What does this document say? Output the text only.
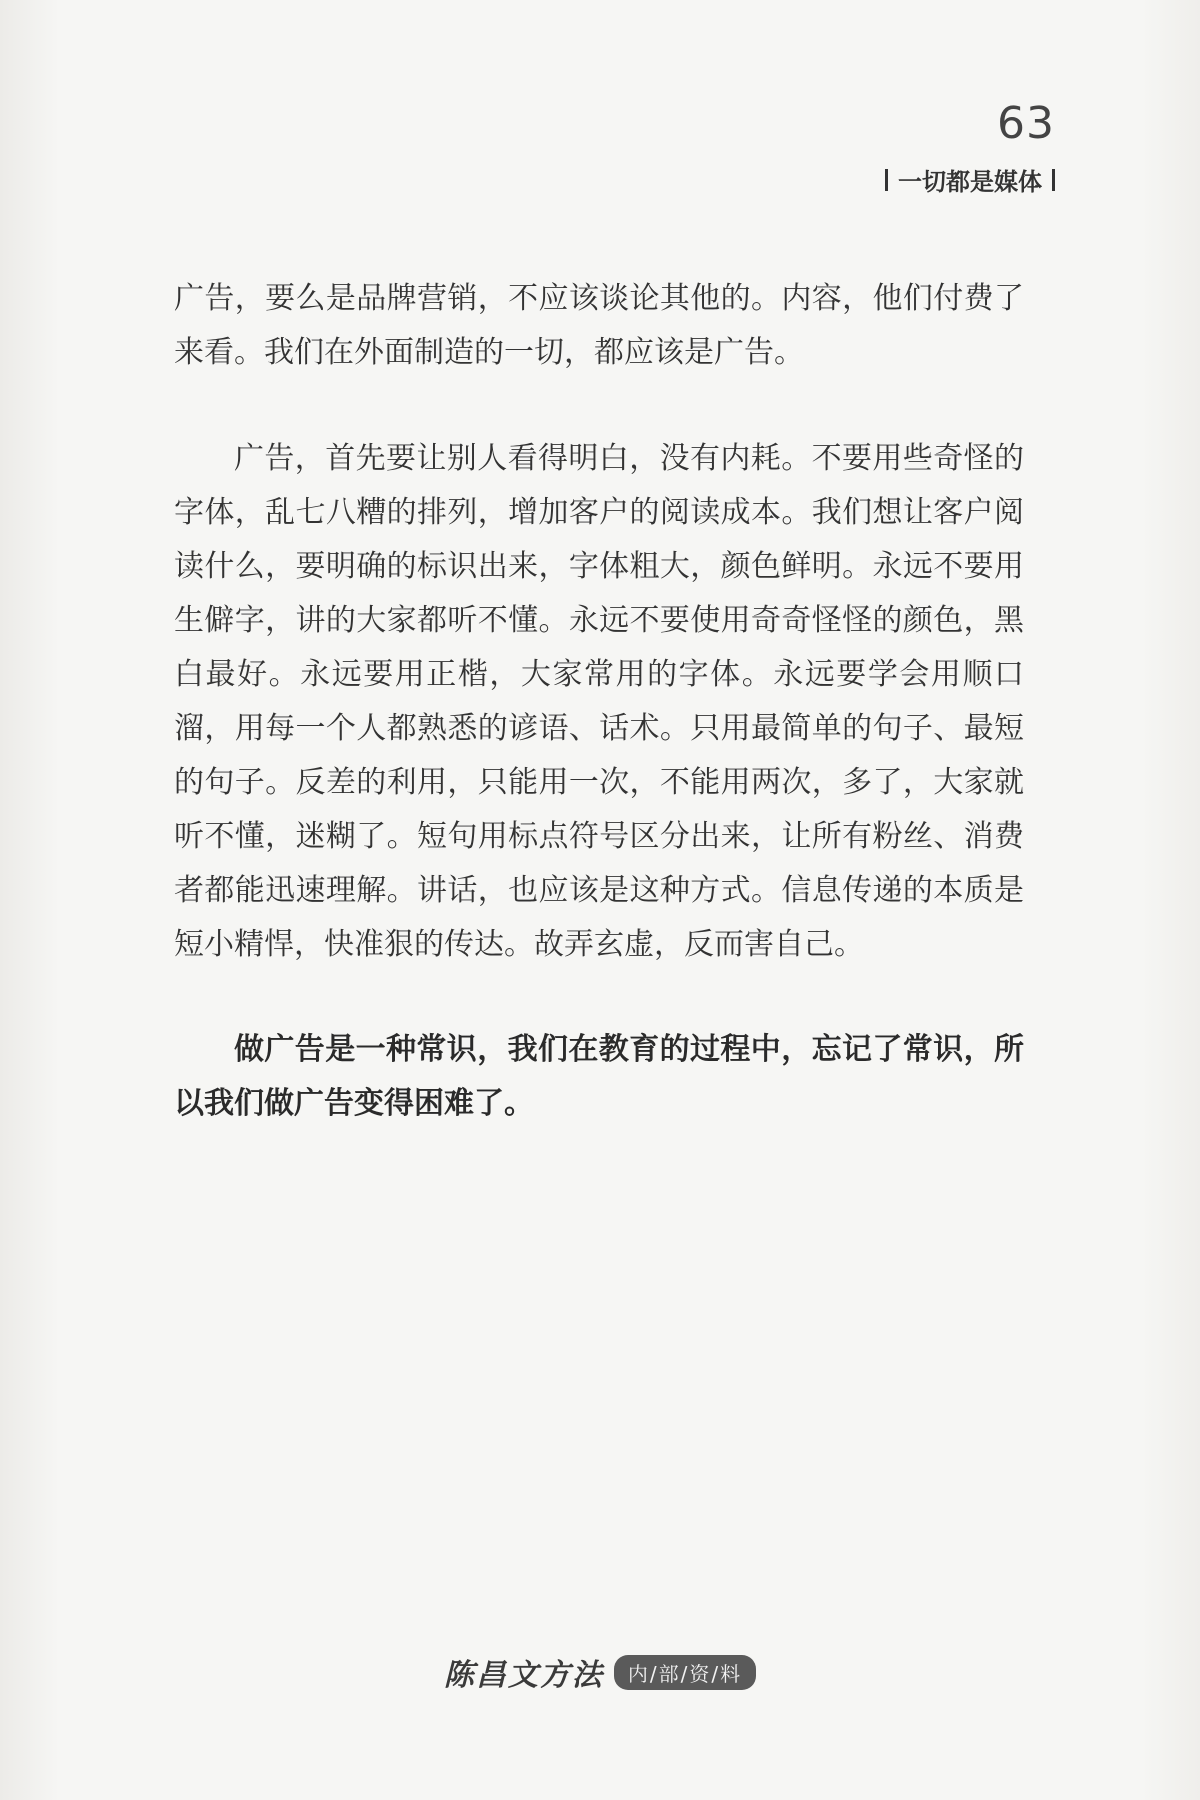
63
一切都是媒体

广告，要么是品牌营销，不应该谈论其他的。内容，他们付费了来看。我们在外面制造的一切，都应该是广告。

广告，首先要让别人看得明白，没有内耗。不要用些奇怪的字体，乱七八糟的排列，增加客户的阅读成本。我们想让客户阅读什么，要明确的标识出来，字体粗大，颜色鲜明。永远不要用生僻字，讲的大家都听不懂。永远不要使用奇奇怪怪的颜色，黑白最好。永远要用正楷，大家常用的字体。永远要学会用顺口溜，用每一个人都熟悉的谚语、话术。只用最简单的句子、最短的句子。反差的利用，只能用一次，不能用两次，多了，大家就听不懂，迷糊了。短句用标点符号区分出来，让所有粉丝、消费者都能迅速理解。讲话，也应该是这种方式。信息传递的本质是短小精悍，快准狠的传达。故弄玄虚，反而害自己。

做广告是一种常识，我们在教育的过程中，忘记了常识，所以我们做广告变得困难了。

陈昌文方法	内/部/资/料
